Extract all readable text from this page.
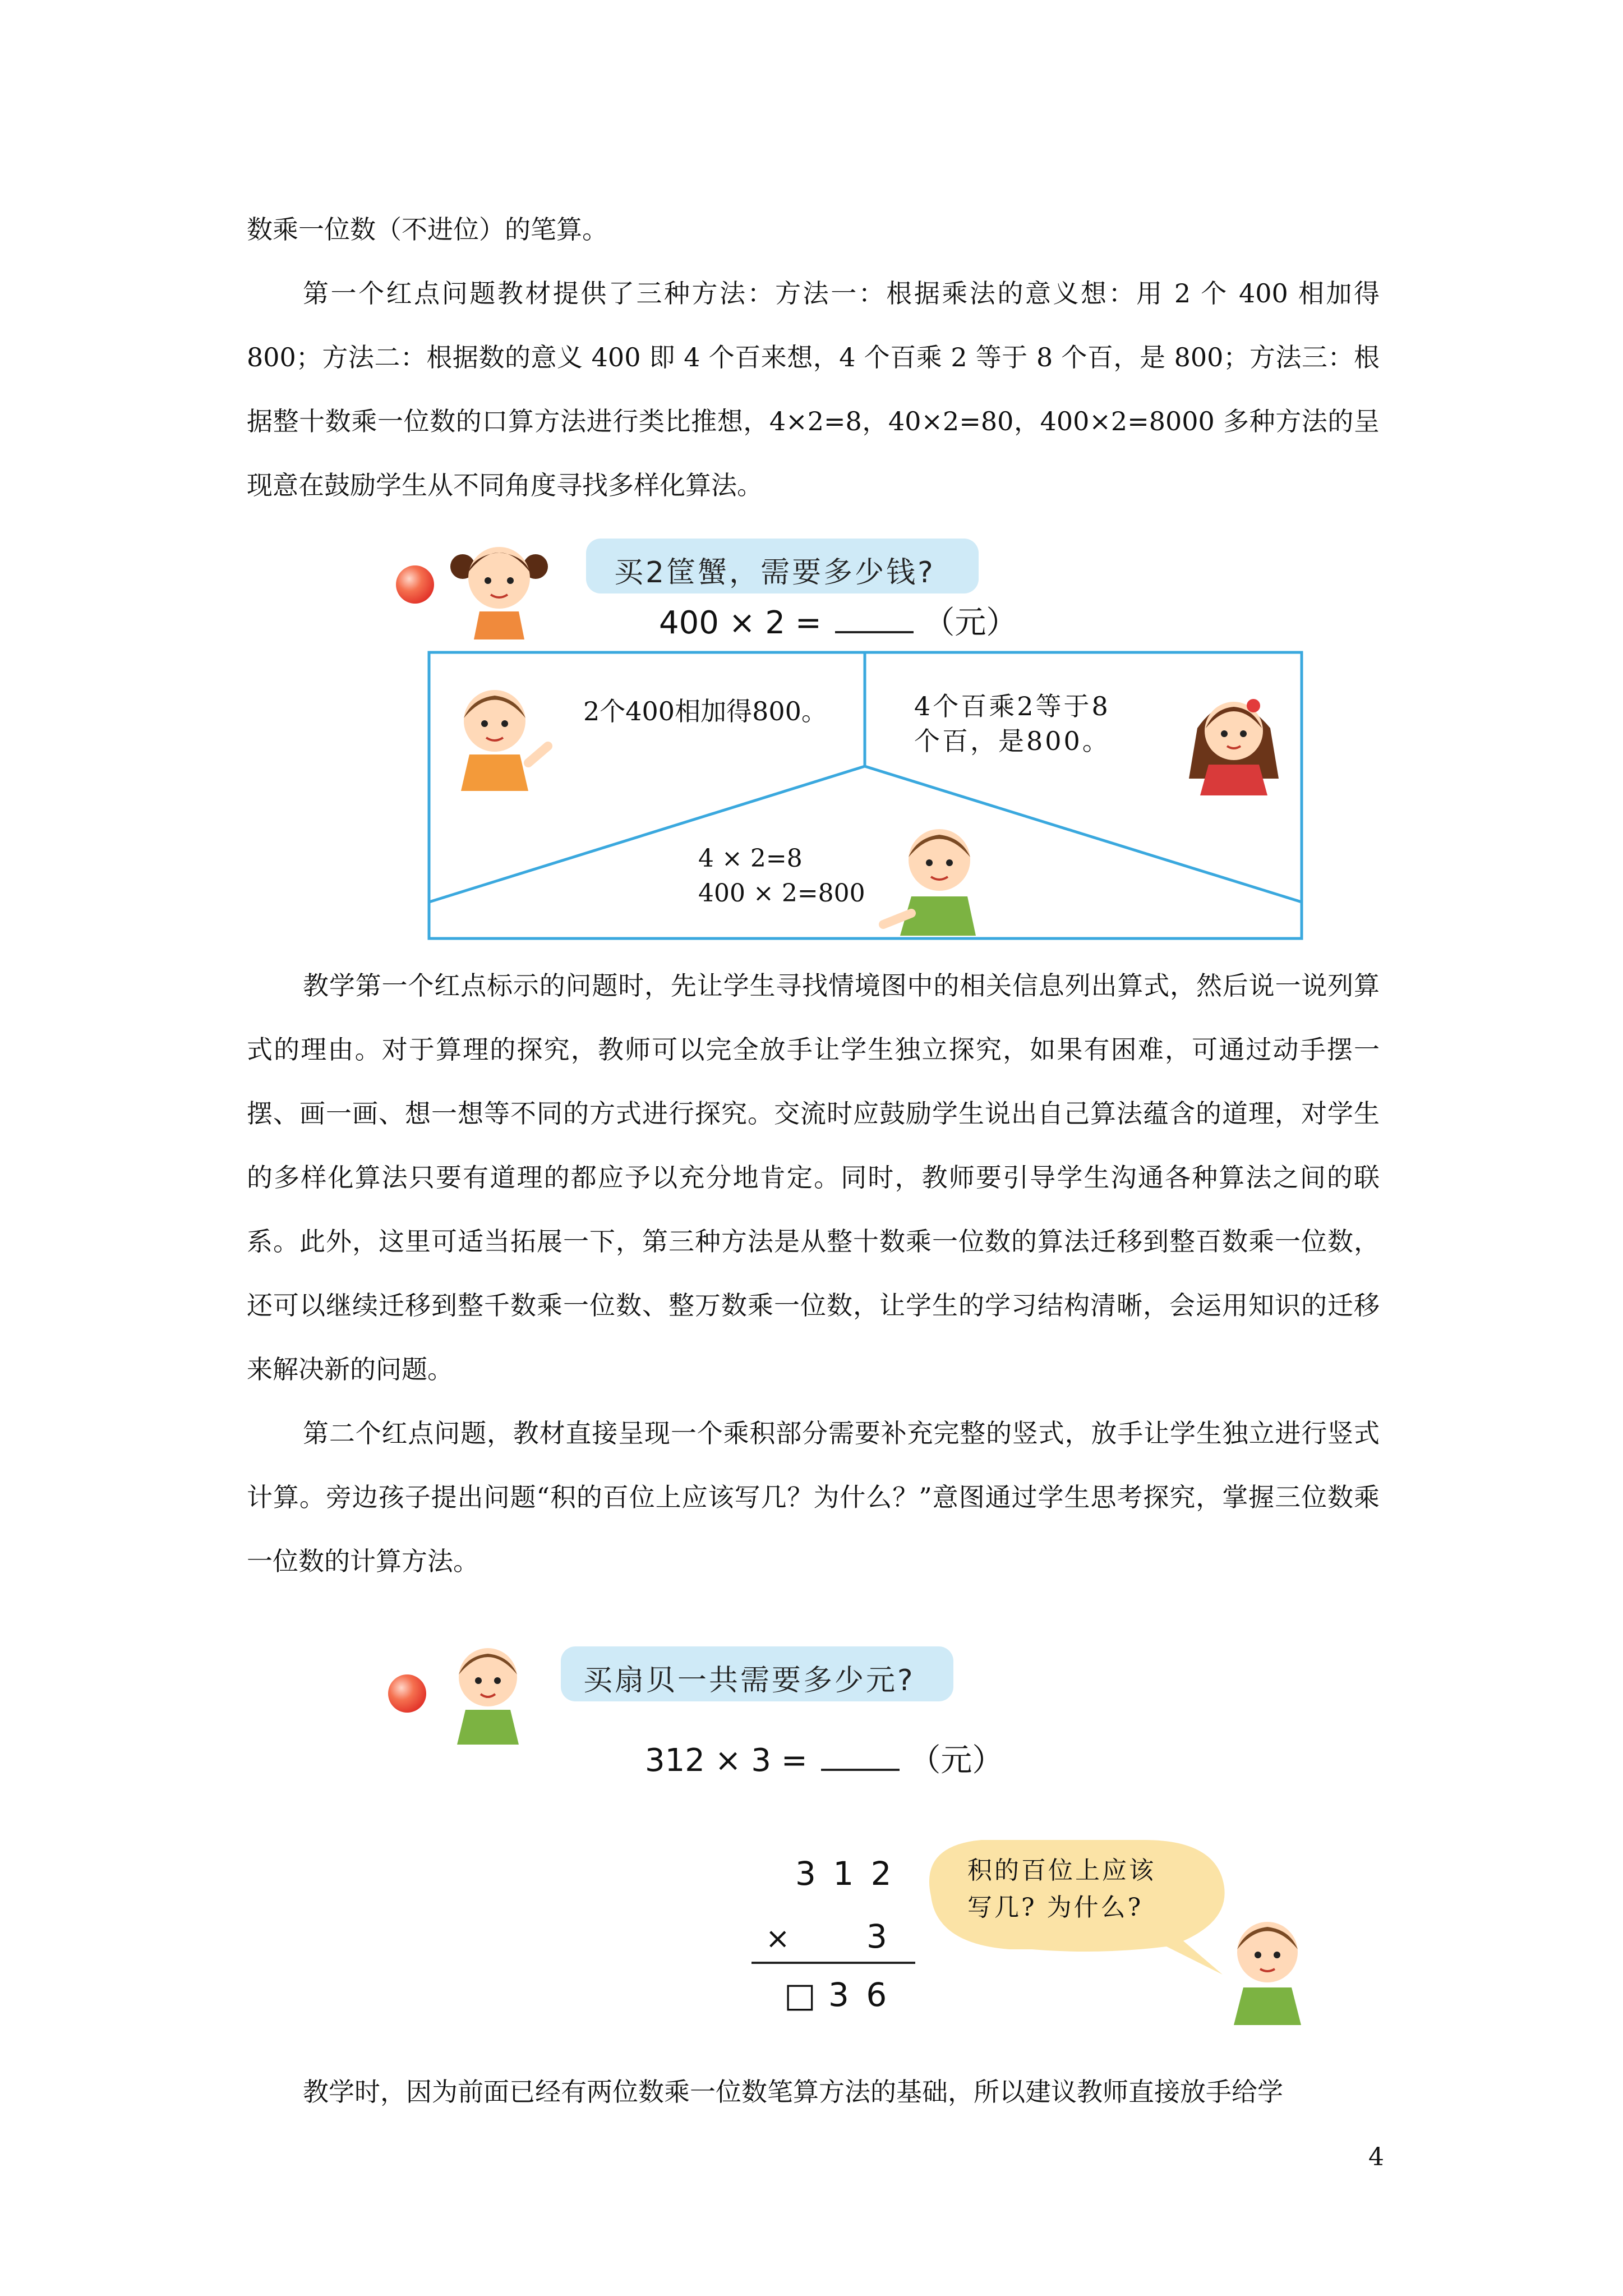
数乘一位数（不进位）的笔算。

第一个红点问题教材提供了三种方法：方法一：根据乘法的意义想：用 2 个 400 相加得 800；方法二：根据数的意义 400 即 4 个百来想，4 个百乘 2 等于 8 个百，是 800；方法三：根据整十数乘一位数的口算方法进行类比推想，4×2=8，40×2=80，400×2=8000 多种方法的呈现意在鼓励学生从不同角度寻找多样化算法。

买2筐蟹，需要多少钱?
400 × 2 =	（元）
2个400相加得800。	4个百乘2等于8
个百，是800。
4 × 2=8
400 × 2=800

教学第一个红点标示的问题时，先让学生寻找情境图中的相关信息列出算式，然后说一说列算式的理由。对于算理的探究，教师可以完全放手让学生独立探究，如果有困难，可通过动手摆一摆、画一画、想一想等不同的方式进行探究。交流时应鼓励学生说出自己算法蕴含的道理，对学生的多样化算法只要有道理的都应予以充分地肯定。同时，教师要引导学生沟通各种算法之间的联系。此外，这里可适当拓展一下，第三种方法是从整十数乘一位数的算法迁移到整百数乘一位数，还可以继续迁移到整千数乘一位数、整万数乘一位数，让学生的学习结构清晰，会运用知识的迁移来解决新的问题。

第二个红点问题，教材直接呈现一个乘积部分需要补充完整的竖式，放手让学生独立进行竖式计算。旁边孩子提出问题“积的百位上应该写几？为什么？”意图通过学生思考探究，掌握三位数乘一位数的计算方法。

买扇贝一共需要多少元?
312 × 3 =	（元）
3 1 2
× 3
□ 3 6
积的百位上应该
写几? 为什么?

教学时，因为前面已经有两位数乘一位数笔算方法的基础，所以建议教师直接放手给学

4
